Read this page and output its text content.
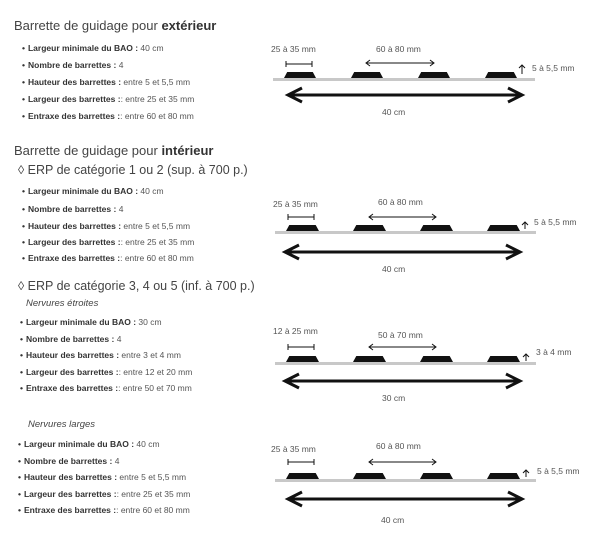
Barrette de guidage pour extérieur
• Largeur minimale du BAO : 40 cm
• Nombre de barrettes : 4
• Hauteur des barrettes : entre 5 et 5,5 mm
• Largeur des barrettes :: entre 25 et 35 mm
• Entraxe des barrettes :: entre 60 et 80 mm
25 à 35 mm	60 à 80 mm
5 à 5,5 mm
40 cm
Barrette de guidage pour intérieur
◊ ERP de catégorie 1 ou 2 (sup. à 700 p.)
• Largeur minimale du BAO : 40 cm
• Nombre de barrettes : 4
• Hauteur des barrettes : entre 5 et 5,5 mm
• Largeur des barrettes :: entre 25 et 35 mm
• Entraxe des barrettes :: entre 60 et 80 mm
25 à 35 mm	60 à 80 mm
5 à 5,5 mm
40 cm
◊ ERP de catégorie 3, 4 ou 5 (inf. à 700 p.)
Nervures étroites
• Largeur minimale du BAO : 30 cm
• Nombre de barrettes : 4
• Hauteur des barrettes : entre 3 et 4 mm
• Largeur des barrettes :: entre 12 et 20 mm
• Entraxe des barrettes :: entre 50 et 70 mm
12 à 25 mm	50 à 70 mm
3 à 4 mm
30 cm
Nervures larges
• Largeur minimale du BAO : 40 cm
• Nombre de barrettes : 4
• Hauteur des barrettes : entre 5 et 5,5 mm
• Largeur des barrettes :: entre 25 et 35 mm
• Entraxe des barrettes :: entre 60 et 80 mm
25 à 35 mm	60 à 80 mm
5 à 5,5 mm
40 cm
